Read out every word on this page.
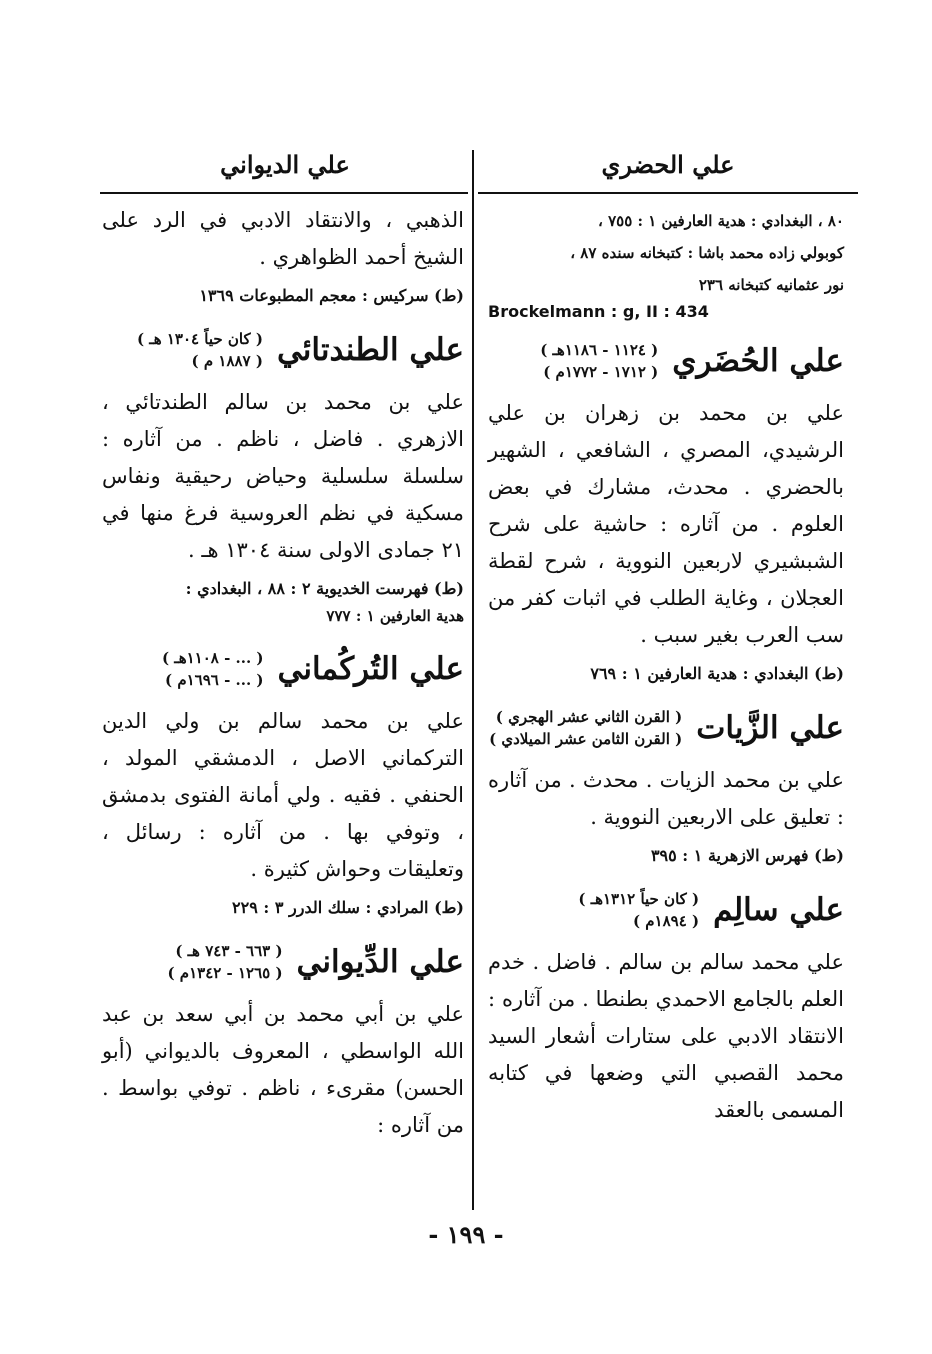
علي الحضري
علي الديواني
٨٠ ، البغدادي : هدية العارفين ١ : ٧٥٥ ،
كوبولي زاده محمد باشا : كتبخانه سنده ٨٧ ،
نور عثمانيه كتبخانه ٢٣٦
Brockelmann : g, II : 434
علي الحُضَري
( ١١٢٤ - ١١٨٦هـ )
( ١٧١٢ - ١٧٧٢م )

علي بن محمد بن زهران بن علي الرشيدي، المصري ، الشافعي ، الشهير بالحضري . محدث، مشارك في بعض العلوم . من آثاره : حاشية على شرح الشبشيري لاربعين النووية ، شرح لقطة العجلان ، وغاية الطلب في اثبات كفر من سب العرب بغير سبب .

(ط) البغدادي : هدية العارفين ١ : ٧٦٩
علي الزَّيات
( القرن الثاني عشر الهجري )
( القرن الثامن عشر الميلادي )

علي بن محمد الزيات . محدث . من آثاره : تعليق على الاربعين النووية .

(ط) فهرس الازهرية ١ : ٣٩٥
علي سالِم
( كان حياً ١٣١٢هـ )
( ١٨٩٤م )

علي محمد سالم بن سالم . فاضل . خدم العلم بالجامع الاحمدي بطنطا . من آثاره : الانتقاد الادبي على ستارات أشعار السيد محمد القصبي التي وضعها في كتابه المسمى بالعقد

الذهبي ، والانتقاد الادبي في الرد على الشيخ أحمد الظواهري .

(ط) سركيس : معجم المطبوعات ١٣٦٩
علي الطندتائي
( كان حياً ١٣٠٤ هـ )
( ١٨٨٧ م )

علي بن محمد بن سالم الطندتائي ، الازهري . فاضل ، ناظم . من آثاره : سلسلة سلسلية وحياض رحيقية ونفاس مسكية في نظم العروسية فرغ منها في ٢١ جمادى الاولى سنة ١٣٠٤ هـ .

(ط) فهرست الخديوية ٢ : ٨٨ ، البغدادي :
هدية العارفين ١ : ٧٧٧
علي التُركُماني
( ... - ١١٠٨هـ )
( ... - ١٦٩٦م )

علي بن محمد سالم بن ولي الدين التركماني الاصل ، الدمشقي المولد ، الحنفي . فقيه . ولي أمانة الفتوى بدمشق ، وتوفي بها . من آثاره : رسائل ، وتعليقات وحواش كثيرة .

(ط) المرادي : سلك الدرر ٣ : ٢٢٩
علي الدِّيواني
( ٦٦٣ - ٧٤٣ هـ )
( ١٢٦٥ - ١٣٤٢م )

علي بن أبي محمد بن أبي سعد بن عبد الله الواسطي ، المعروف بالديواني (أبو الحسن) مقرىء ، ناظم . توفي بواسط . من آثاره :

- ١٩٩ -
